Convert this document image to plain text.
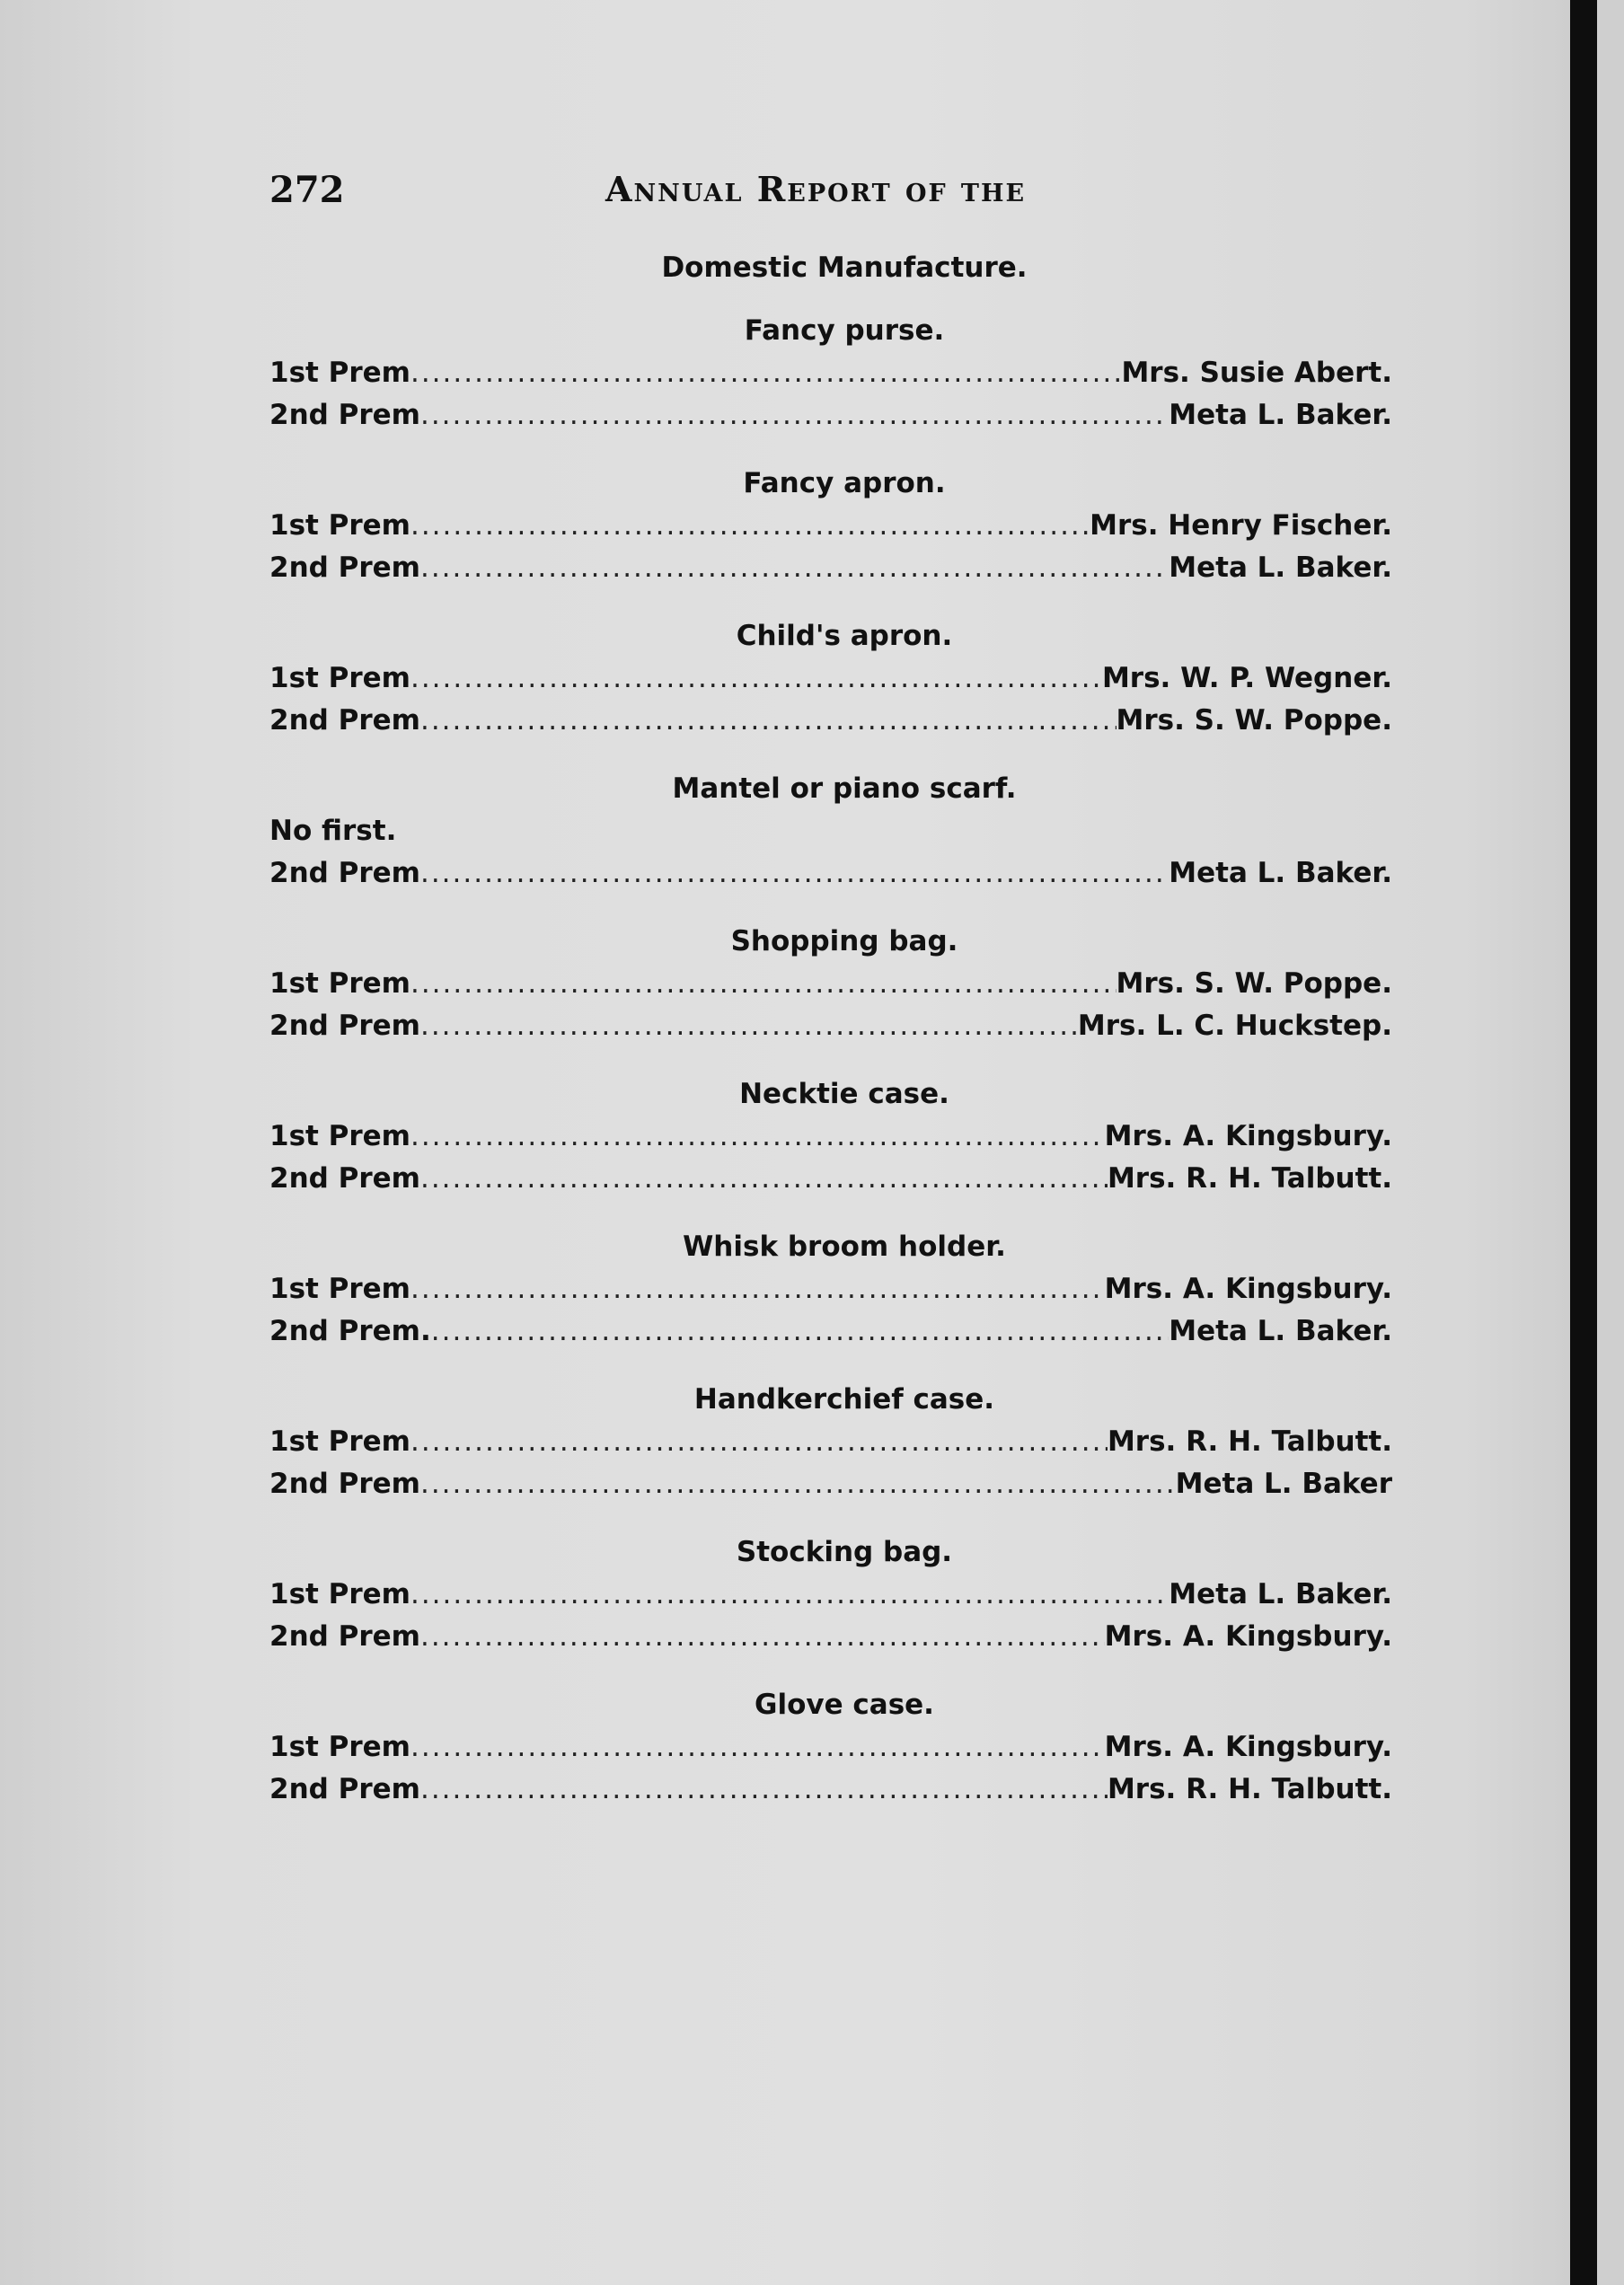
272	Annual Report of the
Domestic Manufacture.
Fancy purse.
1st Prem .....	Mrs. Susie Abert.
2nd Prem .....	Meta L. Baker.
Fancy apron.
1st Prem .....	Mrs. Henry Fischer.
2nd Prem .....	Meta L. Baker.
Child's apron.
1st Prem .....	Mrs. W. P. Wegner.
2nd Prem .....	Mrs. S. W. Poppe.
Mantel or piano scarf.
No first.
2nd Prem .....	Meta L. Baker.
Shopping bag.
1st Prem .....	Mrs. S. W. Poppe.
2nd Prem .....	Mrs. L. C. Huckstep.
Necktie case.
1st Prem .....	Mrs. A. Kingsbury.
2nd Prem .....	Mrs. R. H. Talbutt.
Whisk broom holder.
1st Prem .....	Mrs. A. Kingsbury.
2nd Prem. .....	Meta L. Baker.
Handkerchief case.
1st Prem .....	Mrs. R. H. Talbutt.
2nd Prem .....	Meta L. Baker
Stocking bag.
1st Prem .....	Meta L. Baker.
2nd Prem .....	Mrs. A. Kingsbury.
Glove case.
1st Prem .....	Mrs. A. Kingsbury.
2nd Prem .....	Mrs. R. H. Talbutt.
